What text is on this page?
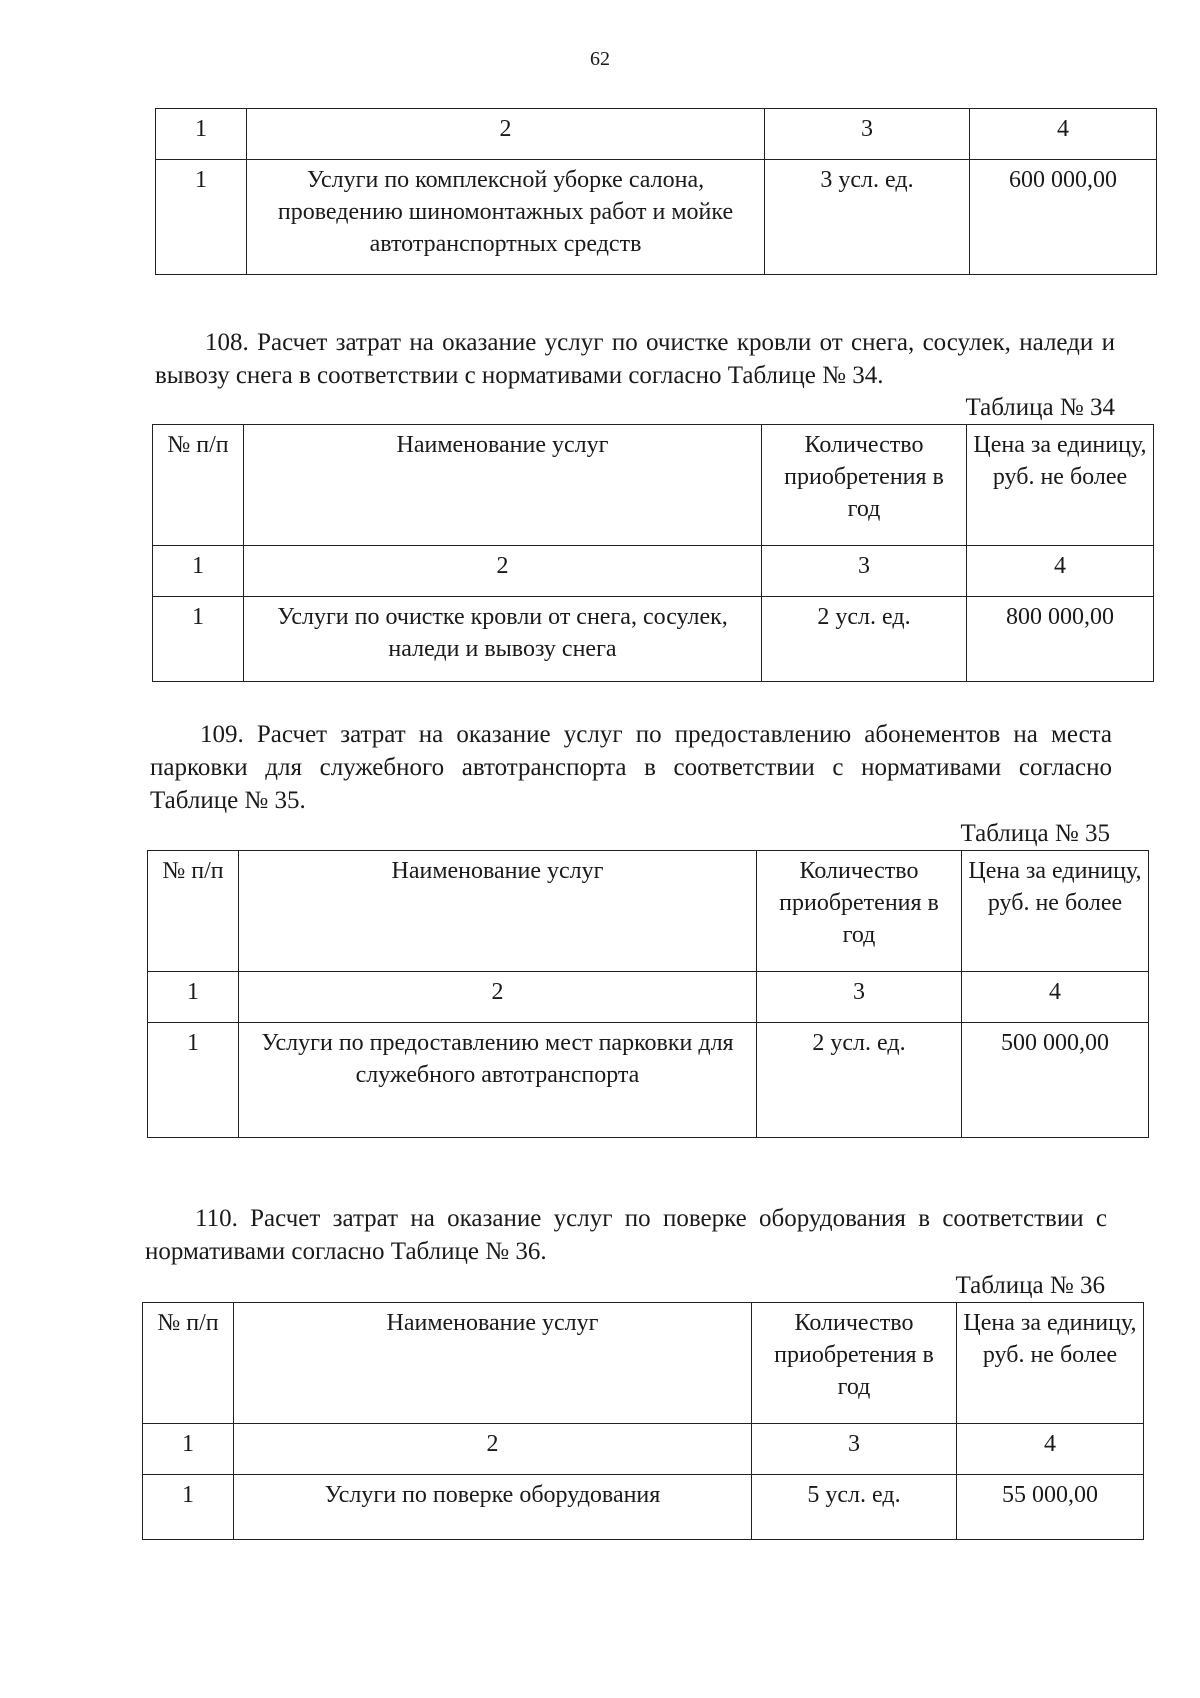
62
1	2	3	4
1	Услуги по комплексной уборке салона, проведению шиномонтажных работ и мойке автотранспортных средств	3 усл. ед.	600 000,00

108. Расчет затрат на оказание услуг по очистке кровли от снега, сосулек, наледи и вывозу снега в соответствии с нормативами согласно Таблице № 34.

Таблица № 34
№ п/п	Наименование услуг	Количество приобретения в год	Цена за единицу, руб. не более
1	2	3	4
1	Услуги по очистке кровли от снега, сосулек, наледи и вывозу снега	2 усл. ед.	800 000,00

109. Расчет затрат на оказание услуг по предоставлению абонементов на места парковки для служебного автотранспорта в соответствии с нормативами согласно Таблице № 35.

Таблица № 35
№ п/п	Наименование услуг	Количество приобретения в год	Цена за единицу, руб. не более
1	2	3	4
1	Услуги по предоставлению мест парковки для служебного автотранспорта	2 усл. ед.	500 000,00

110. Расчет затрат на оказание услуг по поверке оборудования в соответствии с нормативами согласно Таблице № 36.

Таблица № 36
№ п/п	Наименование услуг	Количество приобретения в год	Цена за единицу, руб. не более
1	2	3	4
1	Услуги по поверке оборудования	5 усл. ед.	55 000,00
